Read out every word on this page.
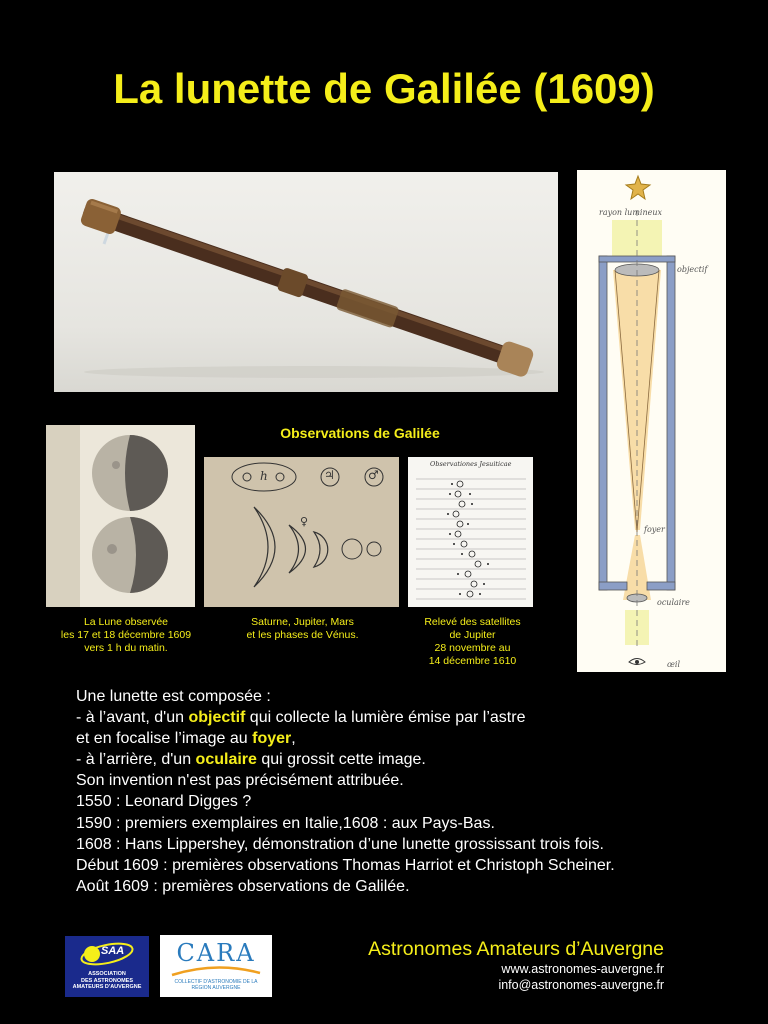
La lunette de Galilée (1609)
rayon lumineux
objectif
foyer
oculaire
œil
Observations de Galilée
h	♃	♂
♀
Observationes Jesuiticae
La Lune observée
les 17 et 18 décembre 1609
vers 1 h du matin.
Saturne, Jupiter, Mars
et les phases de Vénus.
Relevé des satellites
de Jupiter
28 novembre au
14 décembre 1610
Une lunette est composée :
- à l’avant, d'un objectif qui collecte la lumière émise par l’astre
et en focalise l’image au foyer,
- à l’arrière, d'un oculaire qui grossit cette image.
Son invention n'est pas précisément attribuée.
1550 : Leonard Digges ?
1590 : premiers exemplaires en Italie,1608 : aux Pays-Bas.
1608 : Hans Lippershey, démonstration d’une lunette grossissant trois fois.
Début 1609 : premières observations Thomas Harriot et Christoph Scheiner.
Août 1609 : premières observations de Galilée.
SAA
ASSOCIATION
DES ASTRONOMES
AMATEURS D'AUVERGNE
CARA
COLLECTIF D'ASTRONOMIE DE LA
RÉGION AUVERGNE
Astronomes Amateurs d’Auvergne
www.astronomes-auvergne.fr
info@astronomes-auvergne.fr
